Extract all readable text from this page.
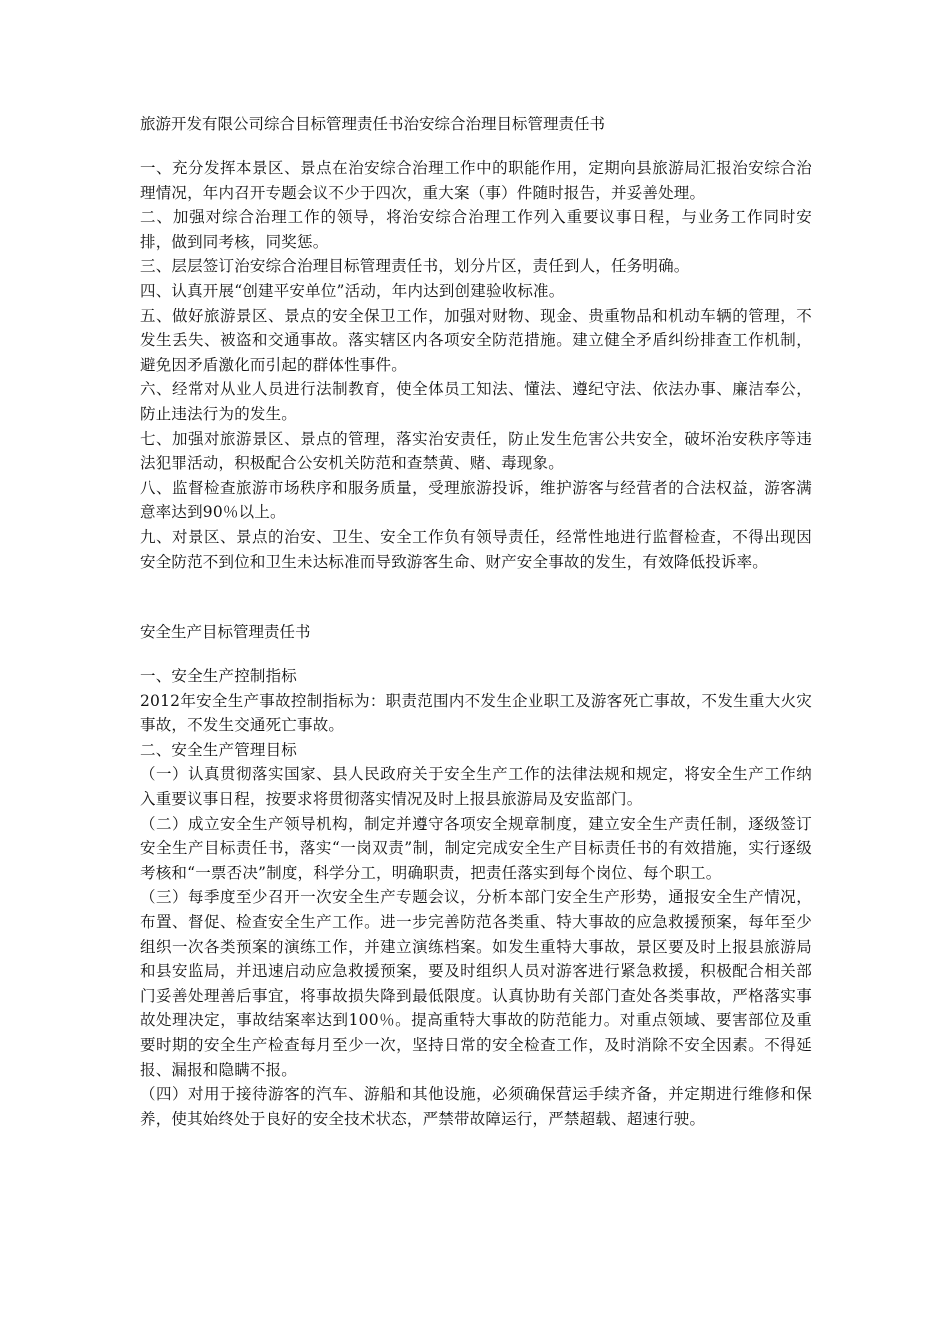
旅游开发有限公司综合目标管理责任书治安综合治理目标管理责任书

一、充分发挥本景区、景点在治安综合治理工作中的职能作用，定期向县旅游局汇报治安综合治理情况，年内召开专题会议不少于四次，重大案（事）件随时报告，并妥善处理。

二、加强对综合治理工作的领导，将治安综合治理工作列入重要议事日程，与业务工作同时安排，做到同考核，同奖惩。

三、层层签订治安综合治理目标管理责任书，划分片区，责任到人，任务明确。

四、认真开展“创建平安单位”活动，年内达到创建验收标准。

五、做好旅游景区、景点的安全保卫工作，加强对财物、现金、贵重物品和机动车辆的管理，不发生丢失、被盗和交通事故。落实辖区内各项安全防范措施。建立健全矛盾纠纷排查工作机制，避免因矛盾激化而引起的群体性事件。

六、经常对从业人员进行法制教育，使全体员工知法、懂法、遵纪守法、依法办事、廉洁奉公，防止违法行为的发生。

七、加强对旅游景区、景点的管理，落实治安责任，防止发生危害公共安全，破坏治安秩序等违法犯罪活动，积极配合公安机关防范和查禁黄、赌、毒现象。

八、监督检查旅游市场秩序和服务质量，受理旅游投诉，维护游客与经营者的合法权益，游客满意率达到90％以上。

九、对景区、景点的治安、卫生、安全工作负有领导责任，经常性地进行监督检查，不得出现因安全防范不到位和卫生未达标准而导致游客生命、财产安全事故的发生，有效降低投诉率。

安全生产目标管理责任书

一、安全生产控制指标

2012年安全生产事故控制指标为：职责范围内不发生企业职工及游客死亡事故，不发生重大火灾事故，不发生交通死亡事故。

二、安全生产管理目标

（一）认真贯彻落实国家、县人民政府关于安全生产工作的法律法规和规定，将安全生产工作纳入重要议事日程，按要求将贯彻落实情况及时上报县旅游局及安监部门。

（二）成立安全生产领导机构，制定并遵守各项安全规章制度，建立安全生产责任制，逐级签订安全生产目标责任书，落实“一岗双责”制，制定完成安全生产目标责任书的有效措施，实行逐级考核和“一票否决”制度，科学分工，明确职责，把责任落实到每个岗位、每个职工。

（三）每季度至少召开一次安全生产专题会议，分析本部门安全生产形势，通报安全生产情况，布置、督促、检查安全生产工作。进一步完善防范各类重、特大事故的应急救援预案，每年至少组织一次各类预案的演练工作，并建立演练档案。如发生重特大事故，景区要及时上报县旅游局和县安监局，并迅速启动应急救援预案，要及时组织人员对游客进行紧急救援，积极配合相关部门妥善处理善后事宜，将事故损失降到最低限度。认真协助有关部门查处各类事故，严格落实事故处理决定，事故结案率达到100％。提高重特大事故的防范能力。对重点领域、要害部位及重要时期的安全生产检查每月至少一次，坚持日常的安全检查工作，及时消除不安全因素。不得延报、漏报和隐瞒不报。

（四）对用于接待游客的汽车、游船和其他设施，必须确保营运手续齐备，并定期进行维修和保养，使其始终处于良好的安全技术状态，严禁带故障运行，严禁超载、超速行驶。
